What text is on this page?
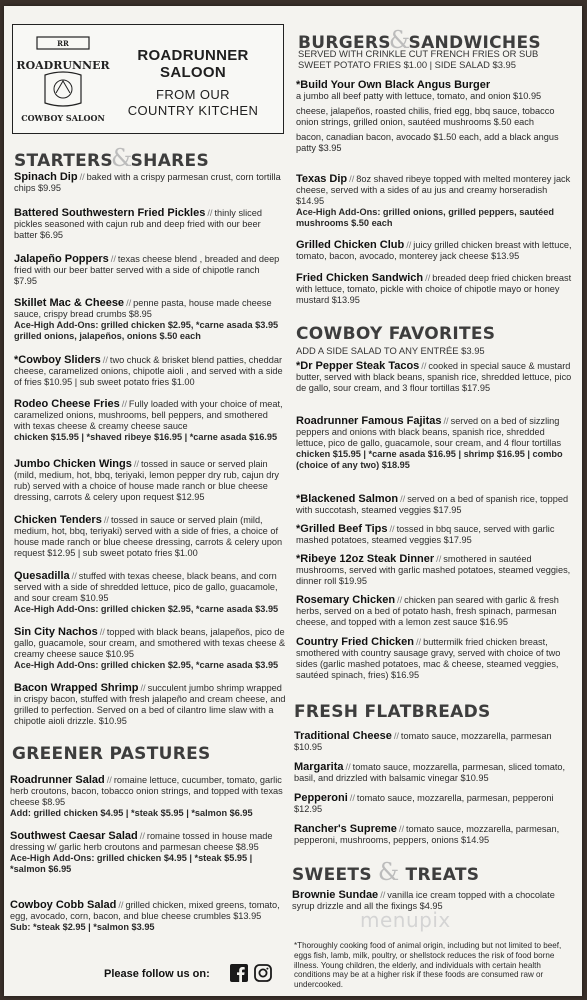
RR
ROADRUNNER
COWBOY SALOON
ROADRUNNER SALOON
FROM OUR
COUNTRY KITCHEN
STARTERS&SHARES
Spinach Dip // baked with a crispy parmesan crust, corn tortilla chips $9.95
Battered Southwestern Fried Pickles // thinly sliced pickles seasoned with cajun rub and deep fried with our beer batter $6.95
Jalapeño Poppers // texas cheese blend , breaded and deep fried with our beer batter served with a side of chipotle ranch $7.95
Skillet Mac & Cheese // penne pasta, house made cheese sauce, crispy bread crumbs $8.95
Ace-High Add-Ons: grilled chicken $2.95, *carne asada $3.95 grilled onions, jalapeños, onions $.50 each
*Cowboy Sliders // two chuck & brisket blend patties, cheddar cheese, caramelized onions, chipotle aioli , and served with a side of fries $10.95 | sub sweet potato fries $1.00
Rodeo Cheese Fries // Fully loaded with your choice of meat, caramelized onions, mushrooms, bell peppers, and smothered with texas cheese & creamy cheese sauce
chicken $15.95 | *shaved ribeye $16.95 | *carne asada $16.95
Jumbo Chicken Wings // tossed in sauce or served plain (mild, medium, hot, bbq, teriyaki, lemon pepper dry rub, cajun dry rub) served with a choice of house made ranch or blue cheese dressing, carrots & celery upon request $12.95
Chicken Tenders // tossed in sauce or served plain (mild, medium, hot, bbq, teriyaki) served with a side of fries, a choice of house made ranch or blue cheese dressing, carrots & celery upon request $12.95 | sub sweet potato fries $1.00
Quesadilla // stuffed with texas cheese, black beans, and corn served with a side of shredded lettuce, pico de gallo, guacamole, and sour cream $10.95
Ace-High Add-Ons: grilled chicken $2.95, *carne asada $3.95
Sin City Nachos // topped with black beans, jalapeños, pico de gallo, guacamole, sour cream, and smothered with texas cheese & creamy cheese sauce $10.95
Ace-High Add-Ons: grilled chicken $2.95, *carne asada $3.95
Bacon Wrapped Shrimp // succulent jumbo shrimp wrapped in crispy bacon, stuffed with fresh jalapeño and cream cheese, and grilled to perfection. Served on a bed of cilantro lime slaw with a chipotle aioli drizzle. $10.95
GREENER PASTURES
Roadrunner Salad // romaine lettuce, cucumber, tomato, garlic herb croutons, bacon, tobacco onion strings, and topped with texas cheese $8.95
Add: grilled chicken $4.95 | *steak $5.95 | *salmon $6.95
Southwest Caesar Salad // romaine tossed in house made dressing w/ garlic herb croutons and parmesan cheese $8.95
Ace-High Add-Ons: grilled chicken $4.95 | *steak $5.95 | *salmon $6.95
Cowboy Cobb Salad // grilled chicken, mixed greens, tomato, egg, avocado, corn, bacon, and blue cheese crumbles $13.95
Sub: *steak $2.95 | *salmon $3.95
BURGERS&SANDWICHES
SERVED WITH CRINKLE CUT FRENCH FRIES OR SUB SWEET POTATO FRIES $1.00 | SIDE SALAD $3.95
*Build Your Own Black Angus Burger
a jumbo all beef patty with lettuce, tomato, and onion $10.95
cheese, jalapeños, roasted chilis, fried egg, bbq sauce, tobacco onion strings, grilled onion, sautéed mushrooms $.50 each
bacon, canadian bacon, avocado $1.50 each, add a black angus patty $3.95
Texas Dip // 8oz shaved ribeye topped with melted monterey jack cheese, served with a sides of au jus and creamy horseradish $14.95
Ace-High Add-Ons: grilled onions, grilled peppers, sautéed mushrooms $.50 each
Grilled Chicken Club // juicy grilled chicken breast with lettuce, tomato, bacon, avocado, monterey jack cheese $13.95
Fried Chicken Sandwich // breaded deep fried chicken breast with lettuce, tomato, pickle with choice of chipotle mayo or honey mustard $13.95
COWBOY FAVORITES
ADD A SIDE SALAD TO ANY ENTRÉE $3.95
*Dr Pepper Steak Tacos // cooked in special sauce & mustard butter, served with black beans, spanish rice, shredded lettuce, pico de gallo, sour cream, and 3 flour tortillas $17.95
Roadrunner Famous Fajitas // served on a bed of sizzling peppers and onions with black beans, spanish rice, shredded lettuce, pico de gallo, guacamole, sour cream, and 4 flour tortillas
chicken $15.95 | *carne asada $16.95 | shrimp $16.95 | combo (choice of any two) $18.95
*Blackened Salmon // served on a bed of spanish rice, topped with succotash, steamed veggies $17.95
*Grilled Beef Tips // tossed in bbq sauce, served with garlic mashed potatoes, steamed veggies $17.95
*Ribeye 12oz Steak Dinner // smothered in sautéed mushrooms, served with garlic mashed potatoes, steamed veggies, dinner roll $19.95
Rosemary Chicken // chicken pan seared with garlic & fresh herbs, served on a bed of potato hash, fresh spinach, parmesan cheese, and topped with a lemon zest sauce $16.95
Country Fried Chicken // buttermilk fried chicken breast, smothered with country sausage gravy, served with choice of two sides (garlic mashed potatoes, mac & cheese, steamed veggies, sautéed spinach, fries) $16.95
FRESH FLATBREADS
Traditional Cheese // tomato sauce, mozzarella, parmesan $10.95
Margarita // tomato sauce, mozzarella, parmesan, sliced tomato, basil, and drizzled with balsamic vinegar $10.95
Pepperoni // tomato sauce, mozzarella, parmesan, pepperoni $12.95
Rancher's Supreme // tomato sauce, mozzarella, parmesan, pepperoni, mushrooms, peppers, onions $14.95
SWEETS & TREATS
menupix
Brownie Sundae // vanilla ice cream topped with a chocolate syrup drizzle and all the fixings $4.95
*Thoroughly cooking food of animal origin, including but not limited to beef, eggs fish, lamb, milk, poultry, or shellstock reduces the risk of food borne illness. Young children, the elderly, and individuals with certain health conditions may be at a higher risk if these foods are consumed raw or undercooked.
Please follow us on:
